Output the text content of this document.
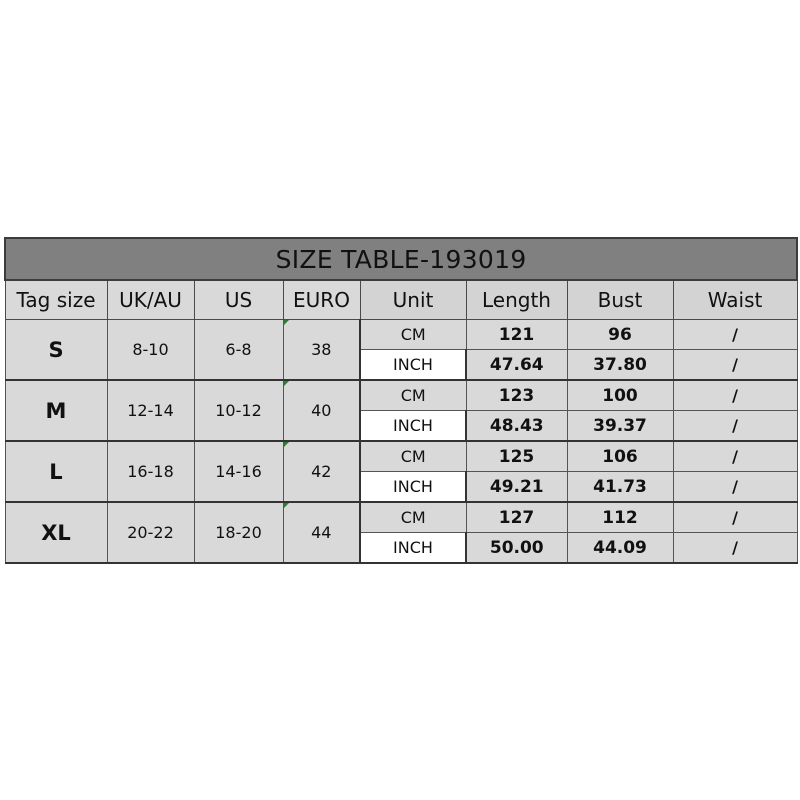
SIZE TABLE-193019							
Tag size	UK/AU	US	EURO	Unit	Length	Bust	Waist
S	8-10	6-8	38	CM	121	96	/
				INCH	47.64	37.80	/
M	12-14	10-12	40	CM	123	100	/
				INCH	48.43	39.37	/
L	16-18	14-16	42	CM	125	106	/
				INCH	49.21	41.73	/
XL	20-22	18-20	44	CM	127	112	/
				INCH	50.00	44.09	/
